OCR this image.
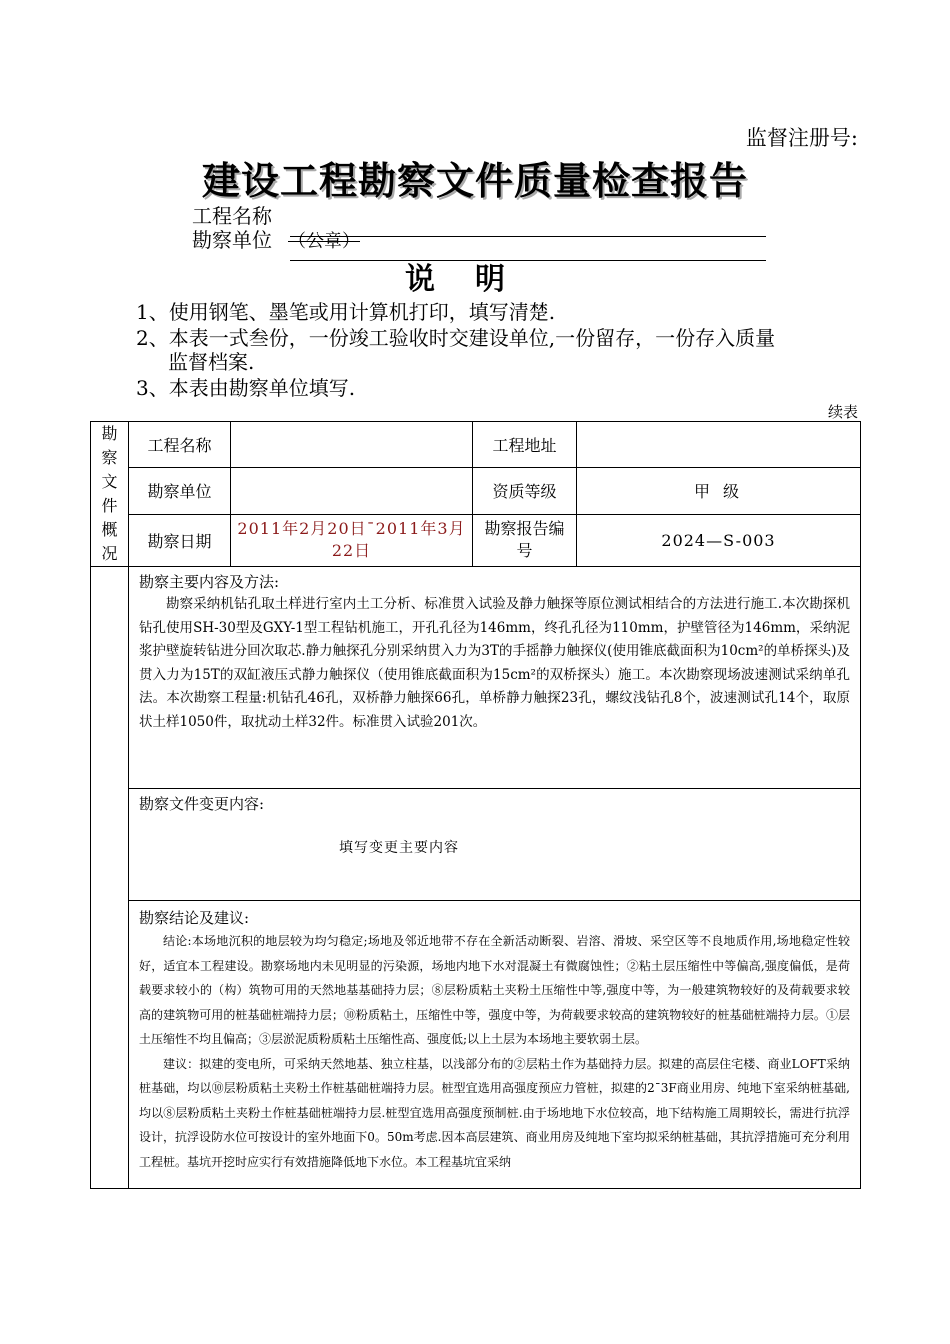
监督注册号:
建设工程勘察文件质量检查报告
工程名称
勘察单位 （公章）
说明
1、使用钢笔、墨笔或用计算机打印，填写清楚.
2、本表一式叁份，一份竣工验收时交建设单位,一份留存，一份存入质量
监督档案.
3、本表由勘察单位填写.
续表
勘察文件概况	工程名称		工程地址	
	勘察单位		资质等级	甲 级
	勘察日期	2011年2月20日¯2011年3月22日	勘察报告编号	2024—S-003

	勘察主要内容及方法:

勘察采纳机钻孔取土样进行室内土工分析、标准贯入试验及静力触探等原位测试相结合的方法进行施工.本次勘探机钻孔使用SH-30型及GXY-1型工程钻机施工，开孔孔径为146mm，终孔孔径为110mm，护壁管径为146mm，采纳泥浆护壁旋转钻进分回次取芯.静力触探孔分别采纳贯入力为3T的手摇静力触探仪(使用锥底截面积为10cm²的单桥探头)及贯入力为15T的双缸液压式静力触探仪（使用锥底截面积为15cm²的双桥探头）施工。本次勘察现场波速测试采纳单孔法。本次勘察工程量:机钻孔46孔，双桥静力触探66孔，单桥静力触探23孔，螺纹浅钻孔8个，波速测试孔14个，取原状土样1050件，取扰动土样32件。标准贯入试验201次。			

	勘察文件变更内容:
填写变更主要内容			

	勘察结论及建议:

结论:本场地沉积的地层较为均匀稳定;场地及邻近地带不存在全新活动断裂、岩溶、滑坡、采空区等不良地质作用,场地稳定性较好，适宜本工程建设。勘察场地内未见明显的污染源，场地内地下水对混凝土有微腐蚀性；②粘土层压缩性中等偏高,强度偏低，是荷载要求较小的（构）筑物可用的天然地基基础持力层；⑧层粉质粘土夹粉土压缩性中等,强度中等，为一般建筑物较好的及荷载要求较高的建筑物可用的桩基础桩端持力层；⑩粉质粘土，压缩性中等，强度中等，为荷载要求较高的建筑物较好的桩基础桩端持力层。①层土压缩性不均且偏高；③层淤泥质粉质粘土压缩性高、强度低;以上土层为本场地主要软弱土层。

建议：拟建的变电所，可采纳天然地基、独立柱基，以浅部分布的②层粘土作为基础持力层。拟建的高层住宅楼、商业LOFT采纳桩基础，均以⑩层粉质粘土夹粉土作桩基础桩端持力层。桩型宜选用高强度预应力管桩，拟建的2¯3F商业用房、纯地下室采纳桩基础,均以⑧层粉质粘土夹粉土作桩基础桩端持力层.桩型宜选用高强度预制桩.由于场地地下水位较高，地下结构施工周期较长，需进行抗浮设计，抗浮设防水位可按设计的室外地面下0。50m考虑.因本高层建筑、商业用房及纯地下室均拟采纳桩基础，其抗浮措施可充分利用工程桩。基坑开挖时应实行有效措施降低地下水位。本工程基坑宜采纳			
